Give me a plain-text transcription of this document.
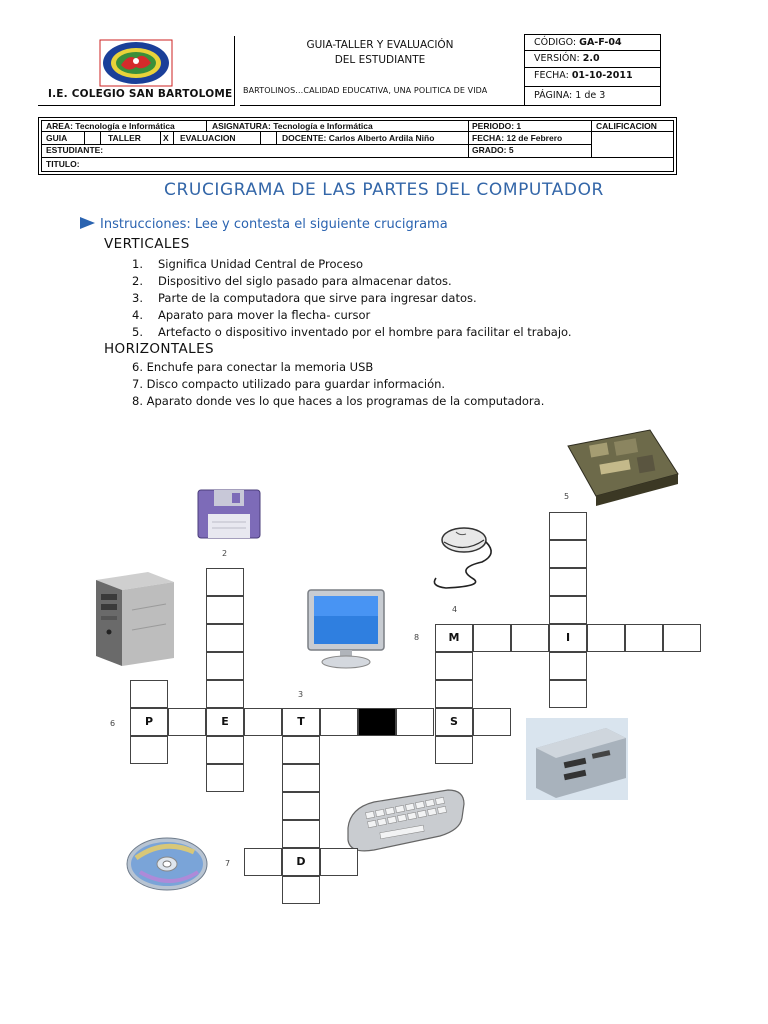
I.E. COLEGIO SAN BARTOLOME
GUIA-TALLER Y EVALUACIÓN
DEL ESTUDIANTE
BARTOLINOS…CALIDAD EDUCATIVA, UNA POLITICA DE VIDA
CÓDIGO: GA-F-04
VERSIÓN: 2.0
FECHA: 01-10-2011
PÁGINA: 1 de 3
AREA: Tecnología e Informática	ASIGNATURA: Tecnología e Informática	PERIODO: 1	CALIFICACION
GUIA	TALLER	X EVALUACION	DOCENTE: Carlos Alberto Ardila Niño	FECHA: 12 de Febrero
ESTUDIANTE:	GRADO: 5
TITULO:
CRUCIGRAMA DE LAS PARTES DEL COMPUTADOR
Instrucciones: Lee y contesta el siguiente crucigrama
VERTICALES
1. Significa Unidad Central de Proceso
2. Dispositivo del siglo pasado para almacenar datos.
3. Parte de la computadora que sirve para ingresar datos.
4. Aparato para mover la flecha- cursor
5. Artefacto o dispositivo inventado por el hombre para facilitar el trabajo.
HORIZONTALES
6. Enchufe para conectar la memoria USB
7. Disco compacto utilizado para guardar información.
8. Aparato donde ves lo que haces a los programas de la computadora.
2
3
4
5
6
7
8	M	I
P	E	T	S
D
